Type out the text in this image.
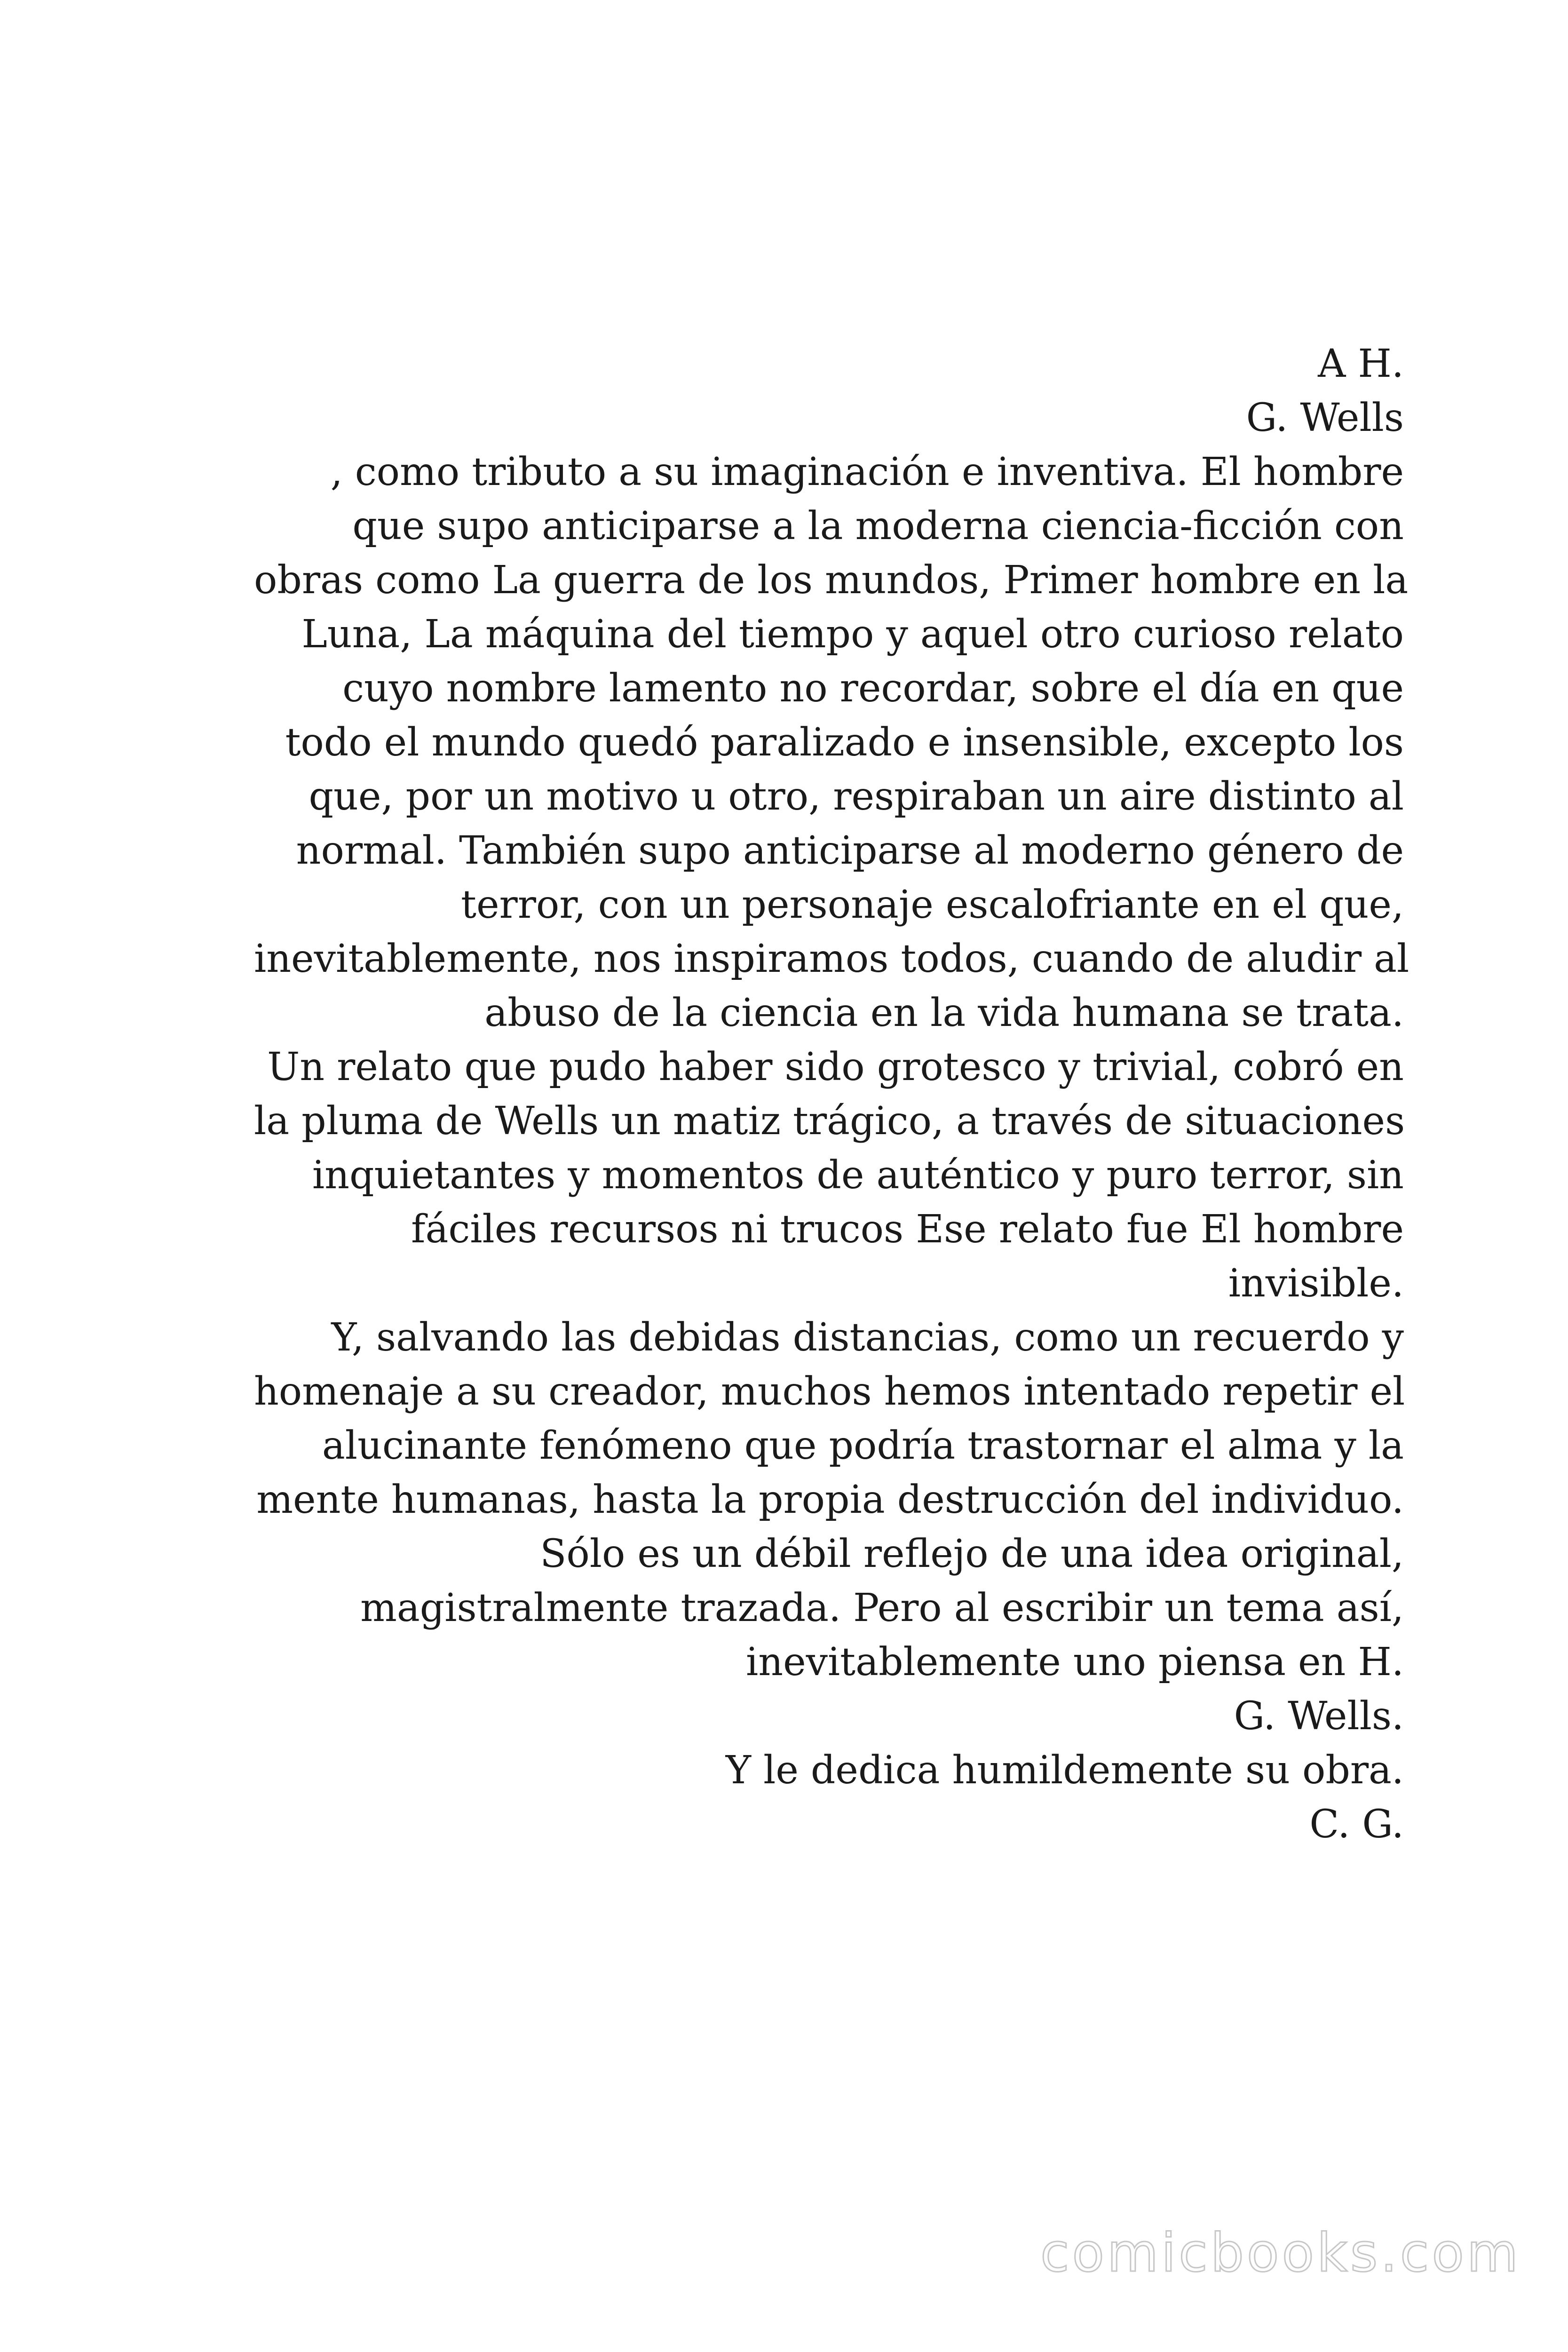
A H.
G. Wells
, como tributo a su imaginación e inventiva. El hombre
que supo anticiparse a la moderna ciencia-ficción con
obras como La guerra de los mundos, Primer hombre en la
Luna, La máquina del tiempo y aquel otro curioso relato
cuyo nombre lamento no recordar, sobre el día en que
todo el mundo quedó paralizado e insensible, excepto los
que, por un motivo u otro, respiraban un aire distinto al
normal. También supo anticiparse al moderno género de
terror, con un personaje escalofriante en el que,
inevitablemente, nos inspiramos todos, cuando de aludir al
abuso de la ciencia en la vida humana se trata.
Un relato que pudo haber sido grotesco y trivial, cobró en
la pluma de Wells un matiz trágico, a través de situaciones
inquietantes y momentos de auténtico y puro terror, sin
fáciles recursos ni trucos Ese relato fue El hombre
invisible.
Y, salvando las debidas distancias, como un recuerdo y
homenaje a su creador, muchos hemos intentado repetir el
alucinante fenómeno que podría trastornar el alma y la
mente humanas, hasta la propia destrucción del individuo.
Sólo es un débil reflejo de una idea original,
magistralmente trazada. Pero al escribir un tema así,
inevitablemente uno piensa en H.
G. Wells.
Y le dedica humildemente su obra.
C. G.
comicbooks.com
